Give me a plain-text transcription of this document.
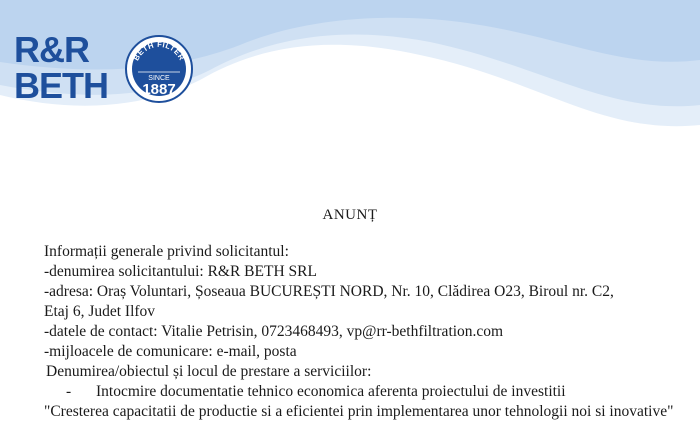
R&R
BETH
BETH FILTER
SINCE
1887
ANUNȚ
Informații generale privind solicitantul:
-denumirea solicitantului: R&R BETH SRL
-adresa: Oraș Voluntari, Șoseaua BUCUREȘTI NORD, Nr. 10, Clădirea O23, Biroul nr. C2,
Etaj 6, Judet Ilfov
-datele de contact: Vitalie Petrisin, 0723468493, vp@rr-bethfiltration.com
-mijloacele de comunicare: e-mail, posta
Denumirea/obiectul și locul de prestare a serviciilor:
-	Intocmire documentatie tehnico economica aferenta proiectului de investitii
"Cresterea capacitatii de productie si a eficientei prin implementarea unor tehnologii noi si inovative"
